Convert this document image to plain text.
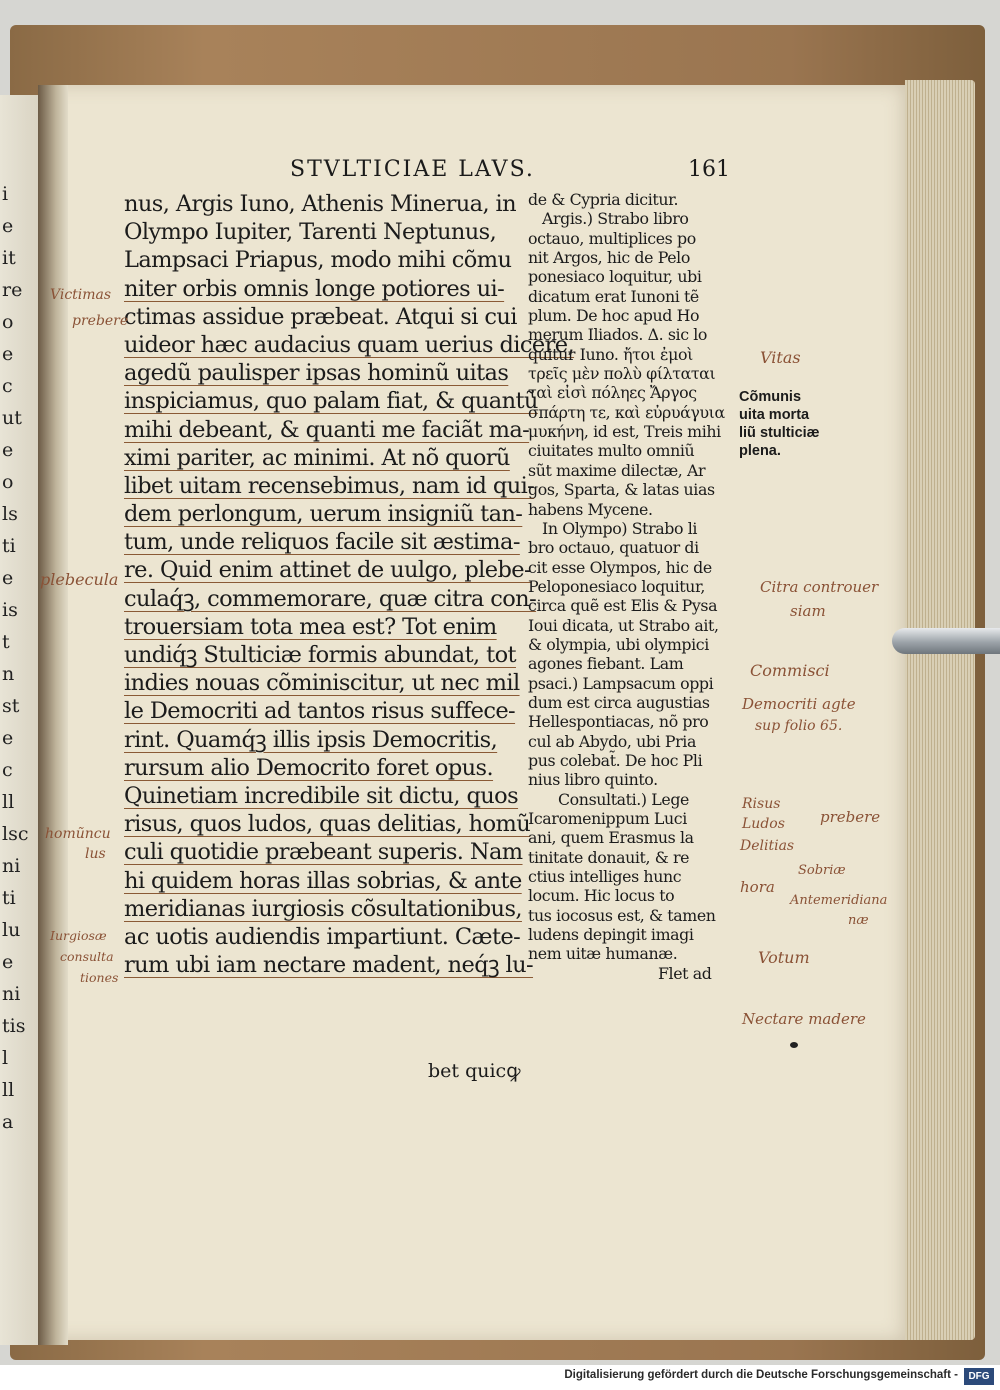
i
e
it
re
o
e
c
ut
e
o
ls
ti
e
is
t
n
st
e
c
ll
lsc
ni
ti
lu
e
ni
tis
l
ll
a
STVLTICIAE LAVS.	161
nus, Argis Iuno, Athenis Minerua, in
Olympo Iupiter, Tarenti Neptunus,
Lampsaci Priapus, modo mihi cõmu
niter orbis omnis longe potiores ui-
ctimas assidue præbeat. Atqui si cui
uideor hæc audacius quam uerius dicere,
agedũ paulisper ipsas hominũ uitas
inspiciamus, quo palam fiat, & quantũ
mihi debeant, & quanti me faciãt ma-
ximi pariter, ac minimi. At nõ quorũ
libet uitam recensebimus, nam id qui-
dem perlongum, uerum insigniũ tan-
tum, unde reliquos facile sit æstima-
re. Quid enim attinet de uulgo, plebe-
culaq́ꝫ, commemorare, quæ citra con-
trouersiam tota mea est? Tot enim
undiq́ꝫ Stulticiæ formis abundat, tot
indies nouas cõminiscitur, ut nec mil
le Democriti ad tantos risus suffece-
rint. Quamq́ꝫ illis ipsis Democritis,
rursum alio Democrito foret opus.
Quinetiam incredibile sit dictu, quos
risus, quos ludos, quas delitias, homũ
culi quotidie præbeant superis. Nam
hi quidem horas illas sobrias, & ante
meridianas iurgiosis cõsultationibus,
ac uotis audiendis impartiunt. Cæte-
rum ubi iam nectare madent, neq́ꝫ lu-
bet quicꝙ
de & Cypria dicitur.
Argis.) Strabo libro
octauo, multiplices po
nit Argos, hic de Pelo
ponesiaco loquitur, ubi
dicatum erat Iunoni tẽ
plum. De hoc apud Ho
merum Iliados. Δ. sic lo
quitur Iuno. ἤτοι ἐμοὶ
τρεῖς μὲν πολὺ φίλταται
ταὶ εἰσὶ πόληες Ἄργος
σπάρτη τε, καὶ εὐρυάγυια
μυκήνη, id est, Treis mihi
ciuitates multo omniũ
sũt maxime dilectæ, Ar
gos, Sparta, & latas uias
habens Mycene.
In Olympo) Strabo li
bro octauo, quatuor di
cit esse Olympos, hic de
Peloponesiaco loquitur,
circa quẽ est Elis & Pysa
Ioui dicata, ut Strabo ait,
& olympia, ubi olympici
agones fiebant. Lam
psaci.) Lampsacum oppi
dum est circa augustias
Hellespontiacas, nõ pro
cul ab Abydo, ubi Pria
pus colebat̃. De hoc Pli
nius libro quinto.
Consultati.) Lege
Icaromenippum Luci
ani, quem Erasmus la
tinitate donauit, & re
ctius intelliges hunc
locum. Hic locus to
tus iocosus est, & tamen
ludens depingit imagi
nem uitæ humanæ.
Flet ad
Cõmunis
uita morta
liũ stulticiæ
plena.
Victimas
prebere
plebecula
homũncu
lus
Iurgiosæ
consulta
tiones
Vitas
Citra controuer
siam
Commisci
Democriti agte
sup folio 65.
Risus
Ludos prebere
Delitias
Sobriæ
hora
Antemeridiana
næ
Votum
Nectare madere
Digitalisierung gefördert durch die Deutsche Forschungsgemeinschaft -	DFG
